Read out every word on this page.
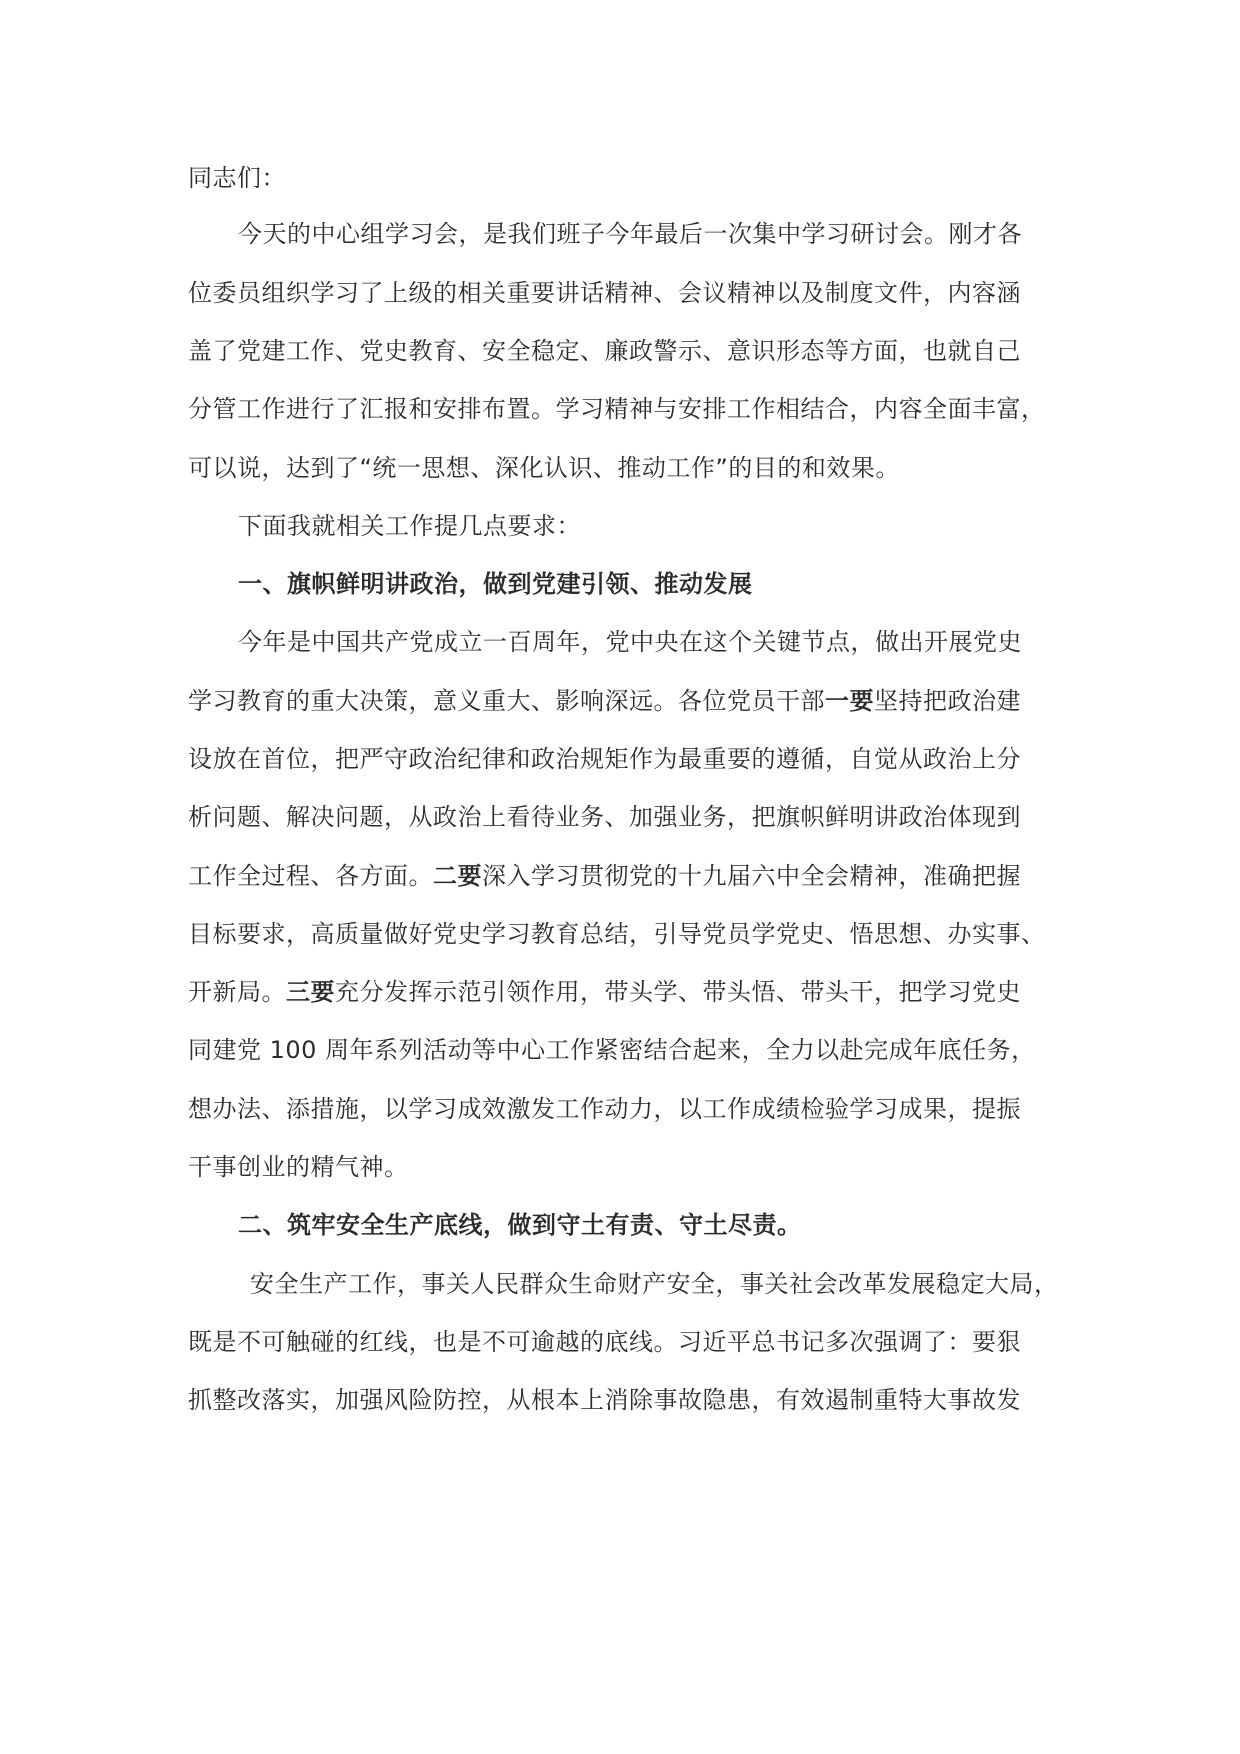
同志们：
今天的中心组学习会，是我们班子今年最后一次集中学习研讨会。刚才各
位委员组织学习了上级的相关重要讲话精神、会议精神以及制度文件，内容涵
盖了党建工作、党史教育、安全稳定、廉政警示、意识形态等方面，也就自己
分管工作进行了汇报和安排布置。学习精神与安排工作相结合，内容全面丰富，
可以说，达到了“统一思想、深化认识、推动工作”的目的和效果。
下面我就相关工作提几点要求：
一、旗帜鲜明讲政治，做到党建引领、推动发展
今年是中国共产党成立一百周年，党中央在这个关键节点，做出开展党史
学习教育的重大决策，意义重大、影响深远。各位党员干部一要坚持把政治建
设放在首位，把严守政治纪律和政治规矩作为最重要的遵循，自觉从政治上分
析问题、解决问题，从政治上看待业务、加强业务，把旗帜鲜明讲政治体现到
工作全过程、各方面。二要深入学习贯彻党的十九届六中全会精神，准确把握
目标要求，高质量做好党史学习教育总结，引导党员学党史、悟思想、办实事、
开新局。三要充分发挥示范引领作用，带头学、带头悟、带头干，把学习党史
同建党 100 周年系列活动等中心工作紧密结合起来，全力以赴完成年底任务，
想办法、添措施，以学习成效激发工作动力，以工作成绩检验学习成果，提振
干事创业的精气神。
二、筑牢安全生产底线，做到守土有责、守土尽责。
安全生产工作，事关人民群众生命财产安全，事关社会改革发展稳定大局，
既是不可触碰的红线，也是不可逾越的底线。习近平总书记多次强调了：要狠
抓整改落实，加强风险防控，从根本上消除事故隐患，有效遏制重特大事故发
